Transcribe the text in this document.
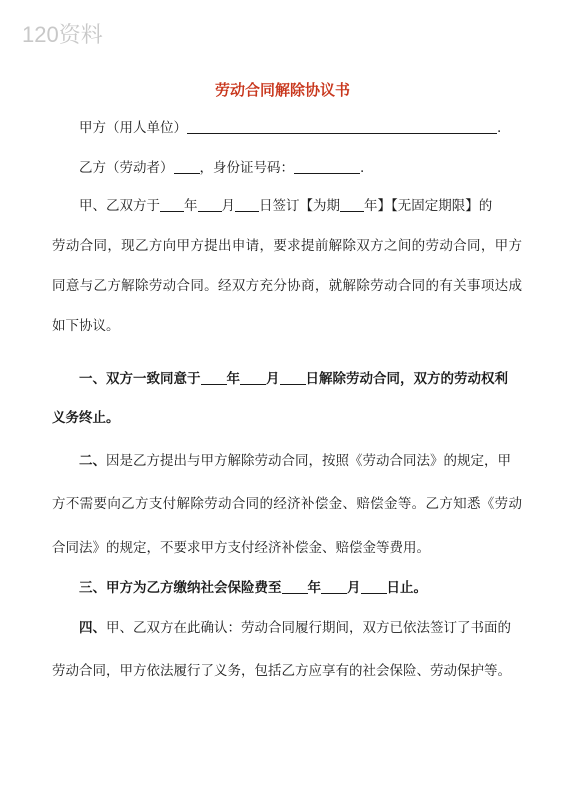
120资料
劳动合同解除协议书
甲方（用人单位）	.
乙方（劳动者） ，身份证号码：	.
甲、乙双方于 年 月 日签订【为期 年】【无固定期限】的
劳动合同，现乙方向甲方提出申请，要求提前解除双方之间的劳动合同，甲方
同意与乙方解除劳动合同。经双方充分协商，就解除劳动合同的有关事项达成
如下协议。
一、双方一致同意于 年 月 日解除劳动合同，双方的劳动权利
义务终止。
二、因是乙方提出与甲方解除劳动合同，按照《劳动合同法》的规定，甲
方不需要向乙方支付解除劳动合同的经济补偿金、赔偿金等。乙方知悉《劳动
合同法》的规定，不要求甲方支付经济补偿金、赔偿金等费用。
三、甲方为乙方缴纳社会保险费至 年 月 日止。
四、甲、乙双方在此确认：劳动合同履行期间，双方已依法签订了书面的
劳动合同，甲方依法履行了义务，包括乙方应享有的社会保险、劳动保护等。
